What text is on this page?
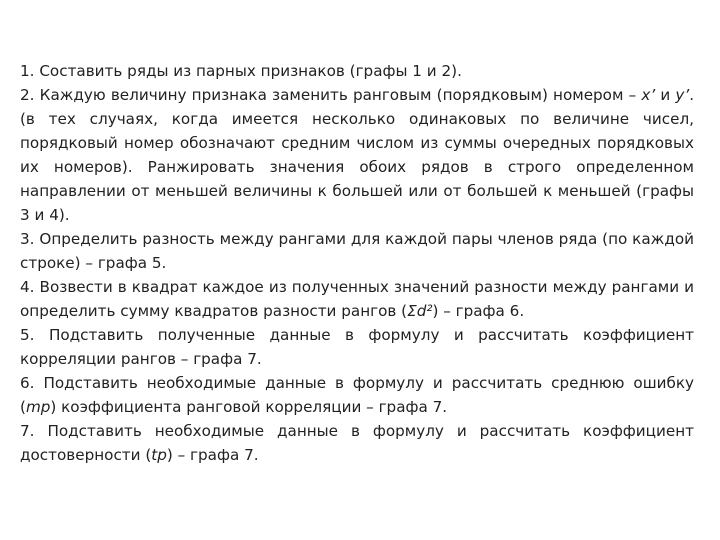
1. Составить ряды из парных признаков (графы 1 и 2).

2. Каждую величину признака заменить ранговым (порядковым) номером – x’ и y’. (в тех случаях, когда имеется несколько одинаковых по величине чисел, порядковый номер обозначают средним числом из суммы очередных порядковых их номеров). Ранжировать значения обоих рядов в строго определенном направлении от меньшей величины к большей или от большей к меньшей (графы 3 и 4).

3. Определить разность между рангами для каждой пары членов ряда (по каждой строке) – графа 5.

4. Возвести в квадрат каждое из полученных значений разности между рангами и определить сумму квадратов разности рангов (Σd²) – графа 6.

5. Подставить полученные данные в формулу и рассчитать коэффициент корреляции рангов – графа 7.

6. Подставить необходимые данные в формулу и рассчитать среднюю ошибку (mp) коэффициента ранговой корреляции – графа 7.

7. Подставить необходимые данные в формулу и рассчитать коэффициент достоверности (tp) – графа 7.
